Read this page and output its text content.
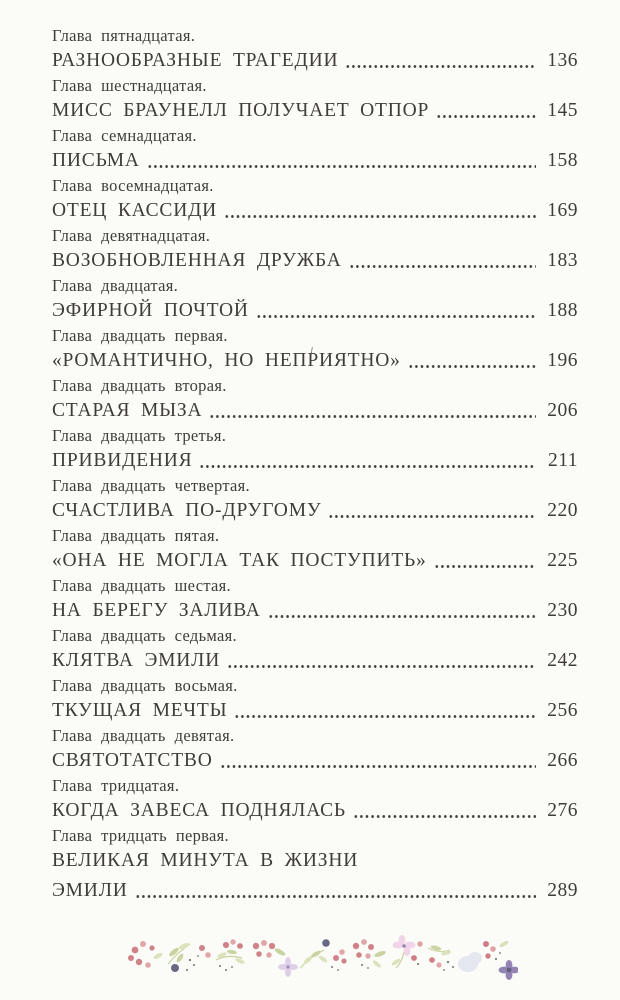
Глава пятнадцатая.
РАЗНООБРАЗНЫЕ ТРАГЕДИИ	136
Глава шестнадцатая.
МИСС БРАУНЕЛЛ ПОЛУЧАЕТ ОТПОР	145
Глава семнадцатая.
ПИСЬМА	158
Глава восемнадцатая.
ОТЕЦ КАССИДИ	169
Глава девятнадцатая.
ВОЗОБНОВЛЕННАЯ ДРУЖБА	183
Глава двадцатая.
ЭФИРНОЙ ПОЧТОЙ	188
Глава двадцать первая.
«РОМАНТИЧНО, НО НЕПРИЯТНО»	196
Глава двадцать вторая.
СТАРАЯ МЫЗА	206
Глава двадцать третья.
ПРИВИДЕНИЯ	211
Глава двадцать четвертая.
СЧАСТЛИВА ПО-ДРУГОМУ	220
Глава двадцать пятая.
«ОНА НЕ МОГЛА ТАК ПОСТУПИТЬ»	225
Глава двадцать шестая.
НА БЕРЕГУ ЗАЛИВА	230
Глава двадцать седьмая.
КЛЯТВА ЭМИЛИ	242
Глава двадцать восьмая.
ТКУЩАЯ МЕЧТЫ	256
Глава двадцать девятая.
СВЯТОТАТСТВО	266
Глава тридцатая.
КОГДА ЗАВЕСА ПОДНЯЛАСЬ	276
Глава тридцать первая.
ВЕЛИКАЯ МИНУТА В ЖИЗНИ
ЭМИЛИ	289
